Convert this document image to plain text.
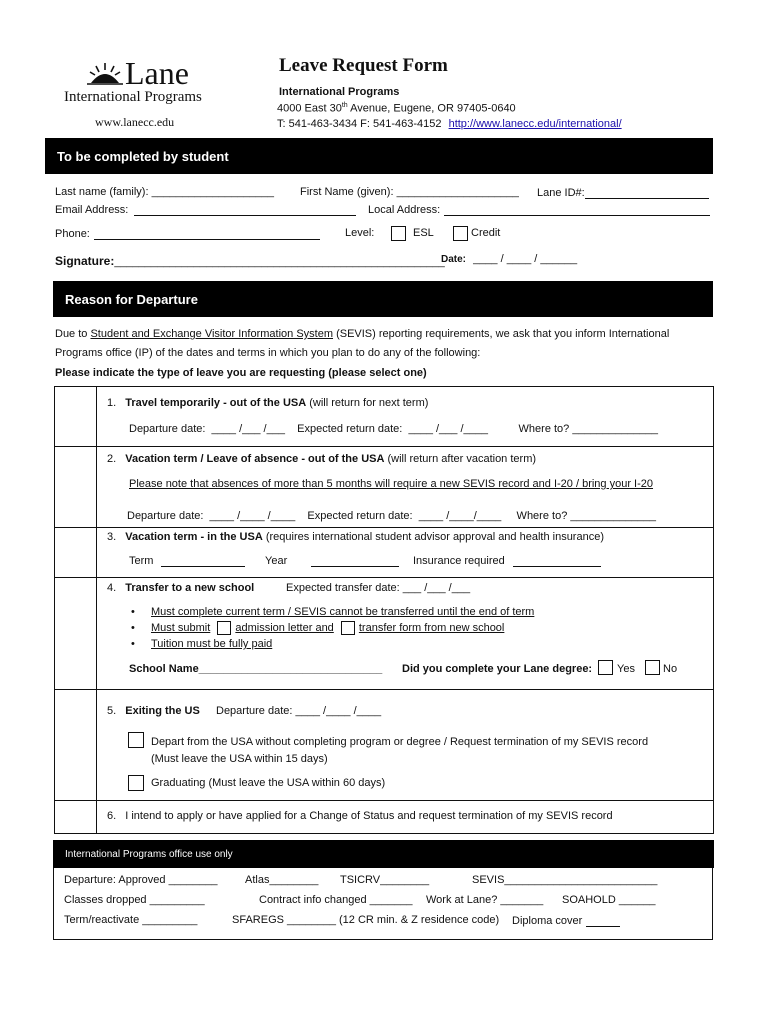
Lane
International Programs
www.lanecc.edu
Leave Request Form
International Programs
4000 East 30th Avenue, Eugene, OR 97405-0640
T: 541-463-3434 F: 541-463-4152 http://www.lanecc.edu/international/
To be completed by student
Last name (family): ____________________ First Name (given): ____________________ Lane ID#:
Email Address:	Local Address:
Phone:	Level:	ESL	Credit
Signature:______________________________________________________
Date: ____ / ____ / ______
Reason for Departure
Due to Student and Exchange Visitor Information System (SEVIS) reporting requirements, we ask that you inform International
Programs office (IP) of the dates and terms in which you plan to do any of the following:
Please indicate the type of leave you are requesting (please select one)
1. Travel temporarily - out of the USA (will return for next term)
Departure date:  ____ /___ /___    Expected return date:  ____ /___ /____          Where to? ______________
2. Vacation term / Leave of absence - out of the USA (will return after vacation term)
Please note that absences of more than 5 months will require a new SEVIS record and I-20 / bring your I-20
Departure date:  ____ /____ /____    Expected return date:  ____ /____/____     Where to? ______________
3. Vacation term - in the USA (requires international student advisor approval and health insurance)
Term	Year	Insurance required
4. Transfer to a new school	Expected transfer date: ___ /___ /___
• Must complete current term / SEVIS cannot be transferred until the end of term
• Must submit admission letter and transfer form from new school
• Tuition must be fully paid
School Name______________________________ Did you complete your Lane degree: Yes	No
5. Exiting the US Departure date: ____ /____ /____
Depart from the USA without completing program or degree / Request termination of my SEVIS record
(Must leave the USA within 15 days)
Graduating (Must leave the USA within 60 days)
6. I intend to apply or have applied for a Change of Status and request termination of my SEVIS record
International Programs office use only
Departure: Approved ________ Atlas________ TSICRV________	SEVIS_________________________
Classes dropped _________	Contract info changed _______ Work at Lane? _______ SOAHOLD ______
Term/reactivate _________	SFAREGS ________ (12 CR min. & Z residence code) Diploma cover
